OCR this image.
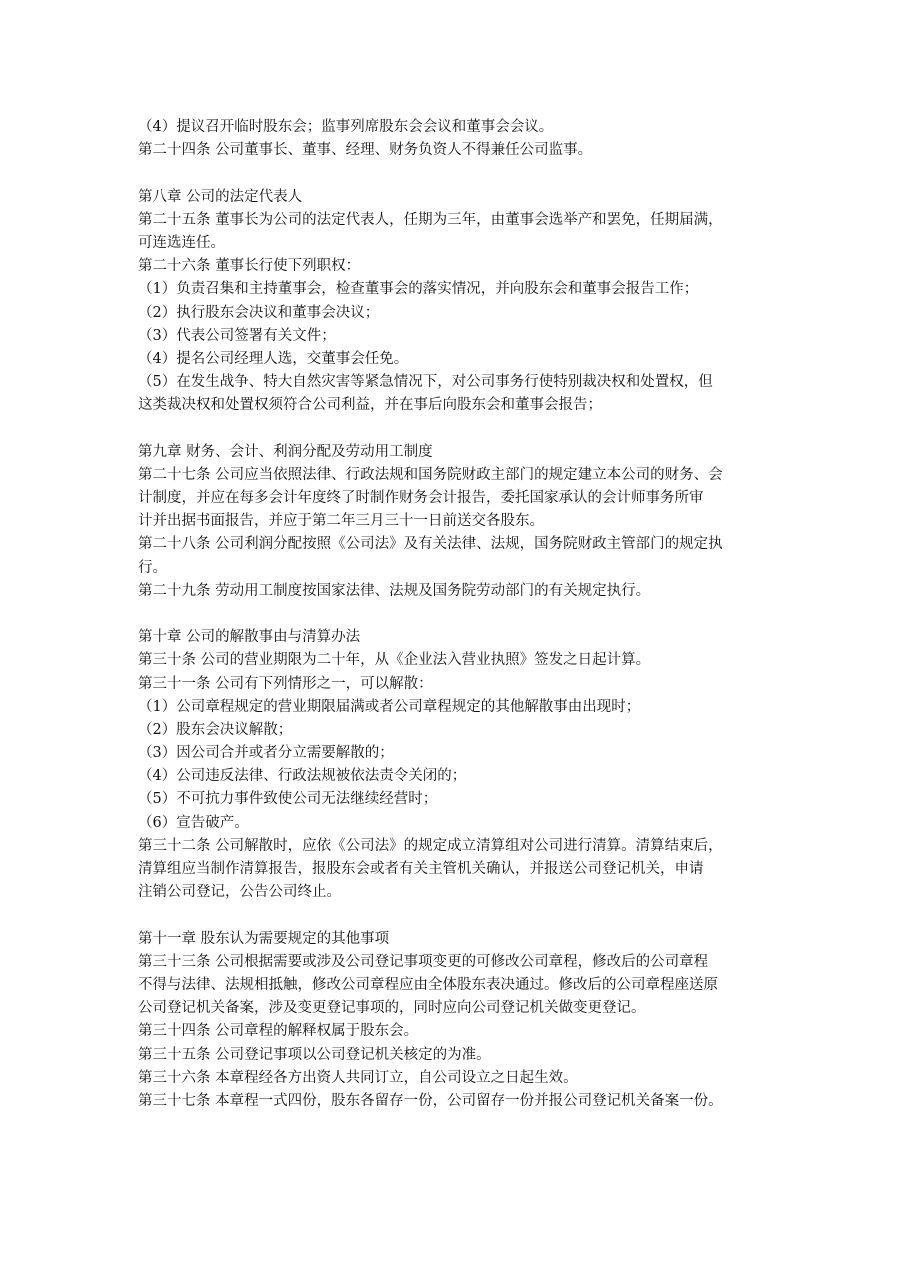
（4）提议召开临时股东会；监事列席股东会会议和董事会会议。
第二十四条 公司董事长、董事、经理、财务负资人不得兼任公司监事。
第八章 公司的法定代表人
第二十五条 董事长为公司的法定代表人，任期为三年，由董事会选举产和罢免，任期届满，
可连选连任。
第二十六条 董事长行使下列职权：
（1）负责召集和主持董事会，检查董事会的落实情况，并向股东会和董事会报告工作；
（2）执行股东会决议和董事会决议；
（3）代表公司签署有关文件；
（4）提名公司经理人选，交董事会任免。
（5）在发生战争、特大自然灾害等紧急情况下，对公司事务行使特别裁决权和处置权，但
这类裁决权和处置权须符合公司利益，并在事后向股东会和董事会报告；
第九章 财务、会计、利润分配及劳动用工制度
第二十七条 公司应当依照法律、行政法规和国务院财政主部门的规定建立本公司的财务、会
计制度，并应在每多会计年度终了时制作财务会计报告，委托国家承认的会计师事务所审
计并出据书面报告，并应于第二年三月三十一日前送交各股东。
第二十八条 公司利润分配按照《公司法》及有关法律、法规，国务院财政主管部门的规定执
行。
第二十九条 劳动用工制度按国家法律、法规及国务院劳动部门的有关规定执行。
第十章 公司的解散事由与清算办法
第三十条 公司的营业期限为二十年，从《企业法入营业执照》签发之日起计算。
第三十一条 公司有下列情形之一，可以解散：
（1）公司章程规定的营业期限届满或者公司章程规定的其他解散事由出现时；
（2）股东会决议解散；
（3）因公司合并或者分立需要解散的；
（4）公司违反法律、行政法规被依法责令关闭的；
（5）不可抗力事件致使公司无法继续经营时；
（6）宣告破产。
第三十二条 公司解散时，应依《公司法》的规定成立清算组对公司进行清算。清算结束后，
清算组应当制作清算报告，报股东会或者有关主管机关确认，并报送公司登记机关，申请
注销公司登记，公告公司终止。
第十一章 股东认为需要规定的其他事项
第三十三条 公司根据需要或涉及公司登记事项变更的可修改公司章程，修改后的公司章程
不得与法律、法规相抵触，修改公司章程应由全体股东表决通过。修改后的公司章程座送原
公司登记机关备案，涉及变更登记事项的，同时应向公司登记机关做变更登记。
第三十四条 公司章程的解释权属于股东会。
第三十五条 公司登记事项以公司登记机关核定的为准。
第三十六条 本章程经各方出资人共同订立，自公司设立之日起生效。
第三十七条 本章程一式四份，股东各留存一份，公司留存一份并报公司登记机关备案一份。
